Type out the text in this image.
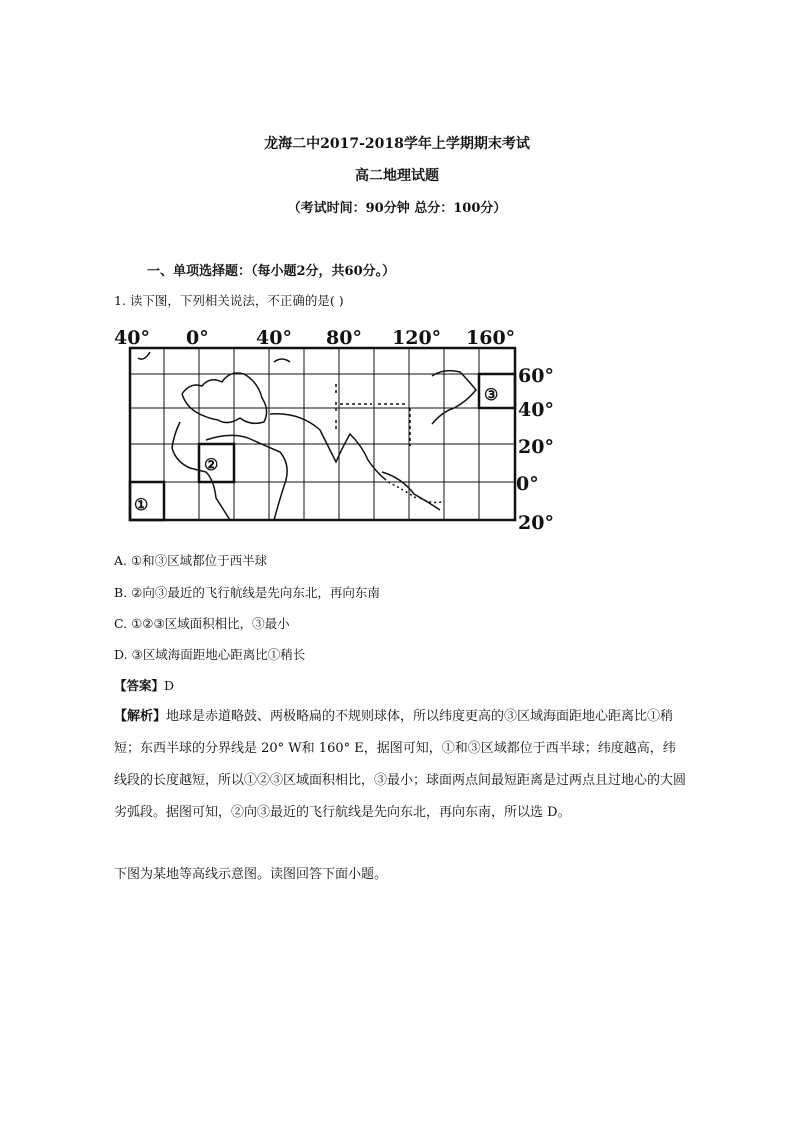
龙海二中2017-2018学年上学期期末考试
高二地理试题
（考试时间：90分钟 总分：100分）
一、单项选择题：（每小题2分，共60分。）
1. 读下图，下列相关说法，不正确的是( )
40° 0° 40° 80° 120° 160°
60°
40°
20°
0°
20°
①
②
③
A. ①和③区域都位于西半球
B. ②向③最近的飞行航线是先向东北，再向东南
C. ①②③区域面积相比，③最小
D. ③区域海面距地心距离比①稍长
【答案】D
【解析】地球是赤道略鼓、两极略扁的不规则球体，所以纬度更高的③区域海面距地心距离比①稍短；东西半球的分界线是 20° W和 160° E，据图可知，①和③区域都位于西半球；纬度越高，纬线段的长度越短，所以①②③区域面积相比，③最小；球面两点间最短距离是过两点且过地心的大圆劣弧段。据图可知，②向③最近的飞行航线是先向东北，再向东南，所以选 D。
下图为某地等高线示意图。读图回答下面小题。
